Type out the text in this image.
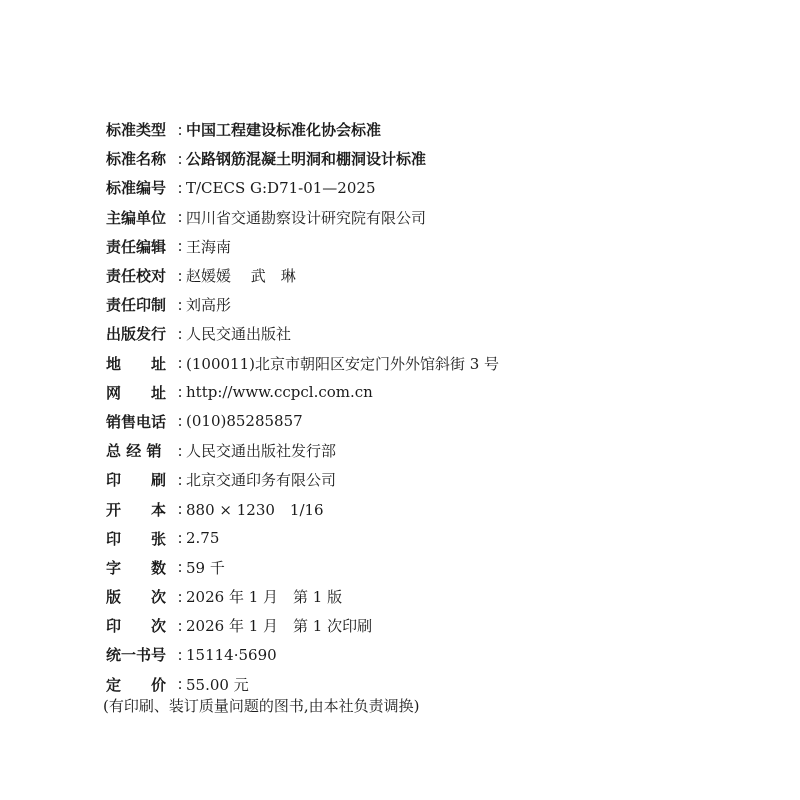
标准类型 : 中国工程建设标准化协会标准
标准名称 : 公路钢筋混凝土明洞和棚洞设计标准
标准编号 : T/CECS G:D71-01—2025
主编单位 : 四川省交通勘察设计研究院有限公司
责任编辑 : 王海南
责任校对 : 赵媛媛　 武　琳
责任印制 : 刘高彤
出版发行 : 人民交通出版社
地　　址 : (100011)北京市朝阳区安定门外外馆斜街 3 号
网　　址 : http://www.ccpcl.com.cn
销售电话 : (010)85285857
总 经 销	: 人民交通出版社发行部
印　　刷 : 北京交通印务有限公司
开　　本 : 880 × 1230　1/16
印　　张 : 2.75
字　　数 : 59 千
版　　次 : 2026 年 1 月　第 1 版
印　　次 : 2026 年 1 月　第 1 次印刷
统一书号 : 15114·5690
定　　价 : 55.00 元
(有印刷、装订质量问题的图书,由本社负责调换)
